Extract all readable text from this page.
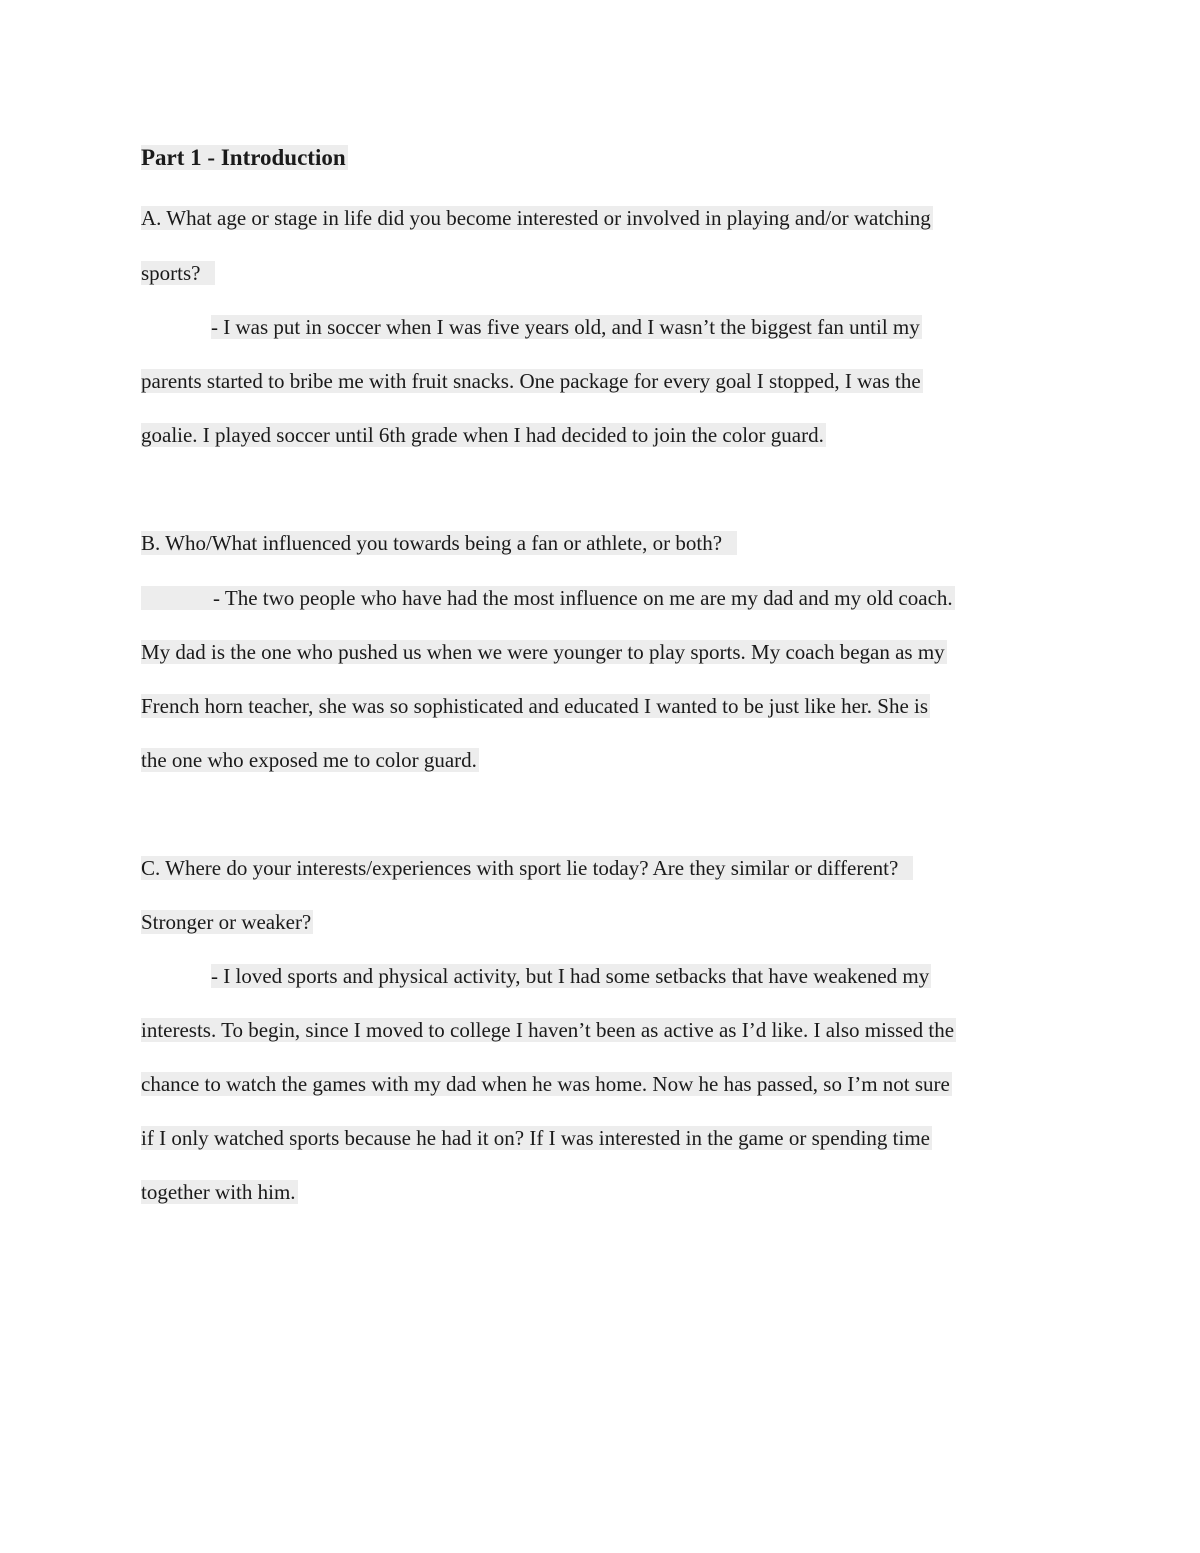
Part 1 - Introduction
A. What age or stage in life did you become interested or involved in playing and/or watching
sports?
- I was put in soccer when I was five years old, and I wasn’t the biggest fan until my
parents started to bribe me with fruit snacks. One package for every goal I stopped, I was the
goalie. I played soccer until 6th grade when I had decided to join the color guard.
B. Who/What influenced you towards being a fan or athlete, or both?
- The two people who have had the most influence on me are my dad and my old coach.
My dad is the one who pushed us when we were younger to play sports. My coach began as my
French horn teacher, she was so sophisticated and educated I wanted to be just like her. She is
the one who exposed me to color guard.
C. Where do your interests/experiences with sport lie today? Are they similar or different?
Stronger or weaker?
- I loved sports and physical activity, but I had some setbacks that have weakened my
interests. To begin, since I moved to college I haven’t been as active as I’d like. I also missed the
chance to watch the games with my dad when he was home. Now he has passed, so I’m not sure
if I only watched sports because he had it on? If I was interested in the game or spending time
together with him.
